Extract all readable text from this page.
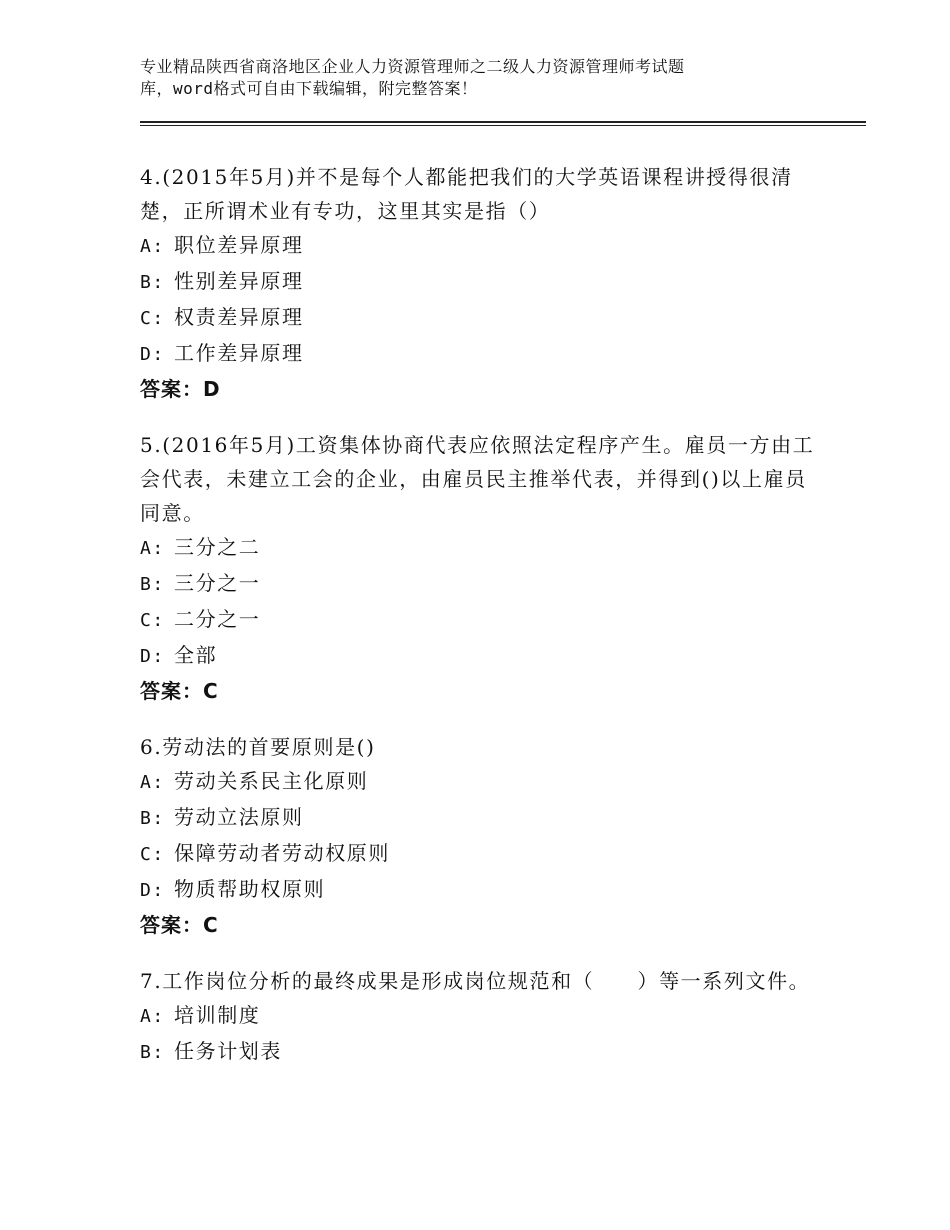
专业精品陕西省商洛地区企业人力资源管理师之二级人力资源管理师考试题
库，word格式可自由下载编辑，附完整答案！

4.(2015年5月)并不是每个人都能把我们的大学英语课程讲授得很清楚，正所谓术业有专功，这里其实是指（）

A: 职位差异原理

B: 性别差异原理

C: 权责差异原理

D: 工作差异原理

答案：D

5.(2016年5月)工资集体协商代表应依照法定程序产生。雇员一方由工会代表，未建立工会的企业，由雇员民主推举代表，并得到()以上雇员同意。

A: 三分之二

B: 三分之一

C: 二分之一

D: 全部

答案：C

6.劳动法的首要原则是()

A: 劳动关系民主化原则

B: 劳动立法原则

C: 保障劳动者劳动权原则

D: 物质帮助权原则

答案：C

7.工作岗位分析的最终成果是形成岗位规范和（　　）等一系列文件。

A: 培训制度

B: 任务计划表
